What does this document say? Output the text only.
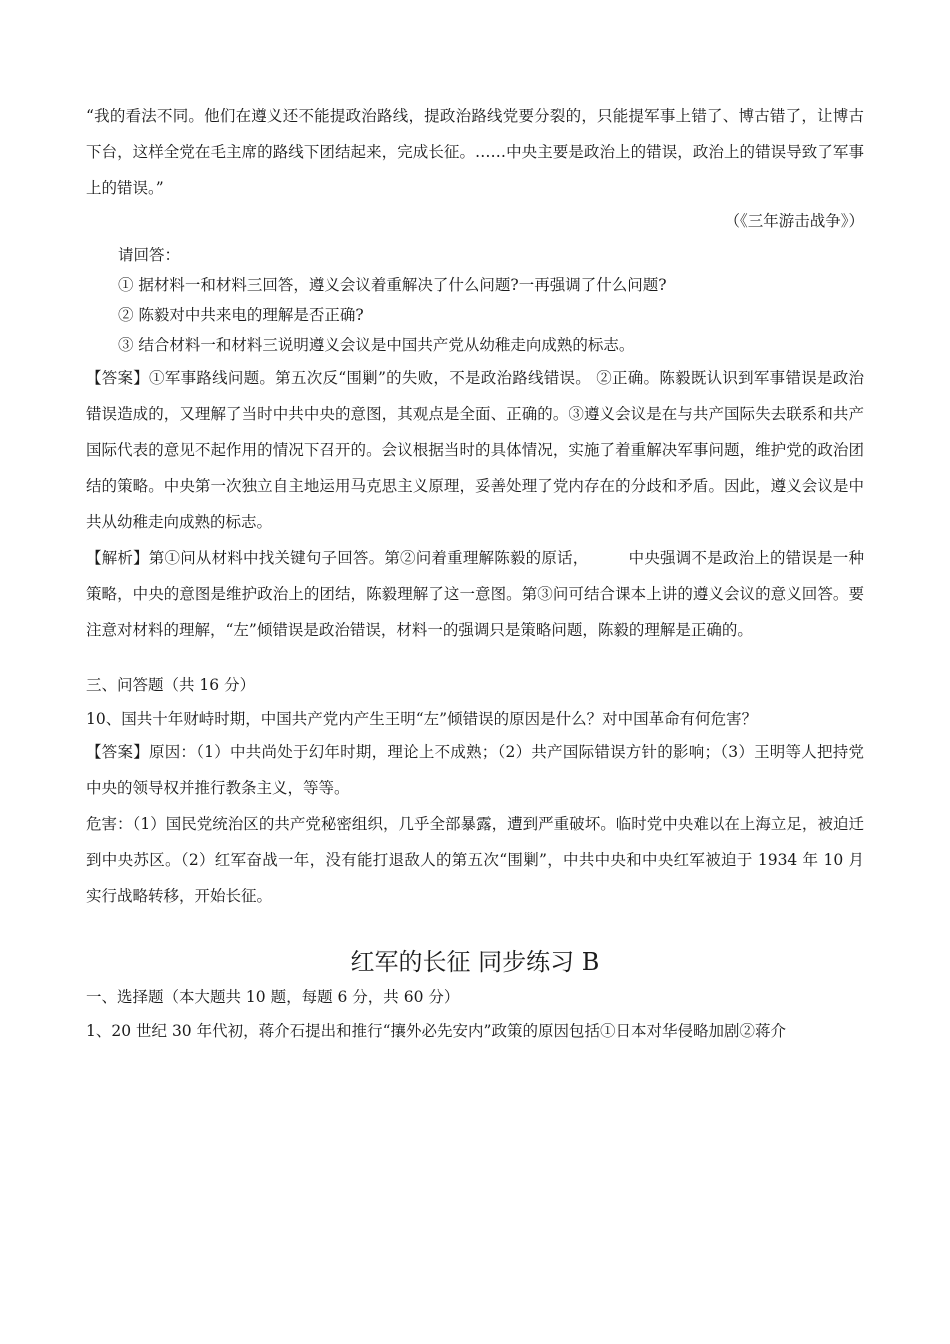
“我的看法不同。他们在遵义还不能提政治路线，提政治路线党要分裂的，只能提军事上错了、博古错了，让博古下台，这样全党在毛主席的路线下团结起来，完成长征。……中央主要是政治上的错误，政治上的错误导致了军事上的错误。”

（《三年游击战争》）

请回答：

① 据材料一和材料三回答，遵义会议着重解决了什么问题?一再强调了什么问题?

② 陈毅对中共来电的理解是否正确?

③ 结合材料一和材料三说明遵义会议是中国共产党从幼稚走向成熟的标志。

【答案】①军事路线问题。第五次反“围剿”的失败，不是政治路线错误。 ②正确。陈毅既认识到军事错误是政治错误造成的，又理解了当时中共中央的意图，其观点是全面、正确的。③遵义会议是在与共产国际失去联系和共产国际代表的意见不起作用的情况下召开的。会议根据当时的具体情况，实施了着重解决军事问题，维护党的政治团结的策略。中央第一次独立自主地运用马克思主义原理，妥善处理了党内存在的分歧和矛盾。因此，遵义会议是中共从幼稚走向成熟的标志。

【解析】第①问从材料中找关键句子回答。第②问着重理解陈毅的原话，	中央强调不是政治上的错误是一种策略，中央的意图是维护政治上的团结，陈毅理解了这一意图。第③问可结合课本上讲的遵义会议的意义回答。要注意对材料的理解，“左”倾错误是政治错误，材料一的强调只是策略问题，陈毅的理解是正确的。

三、问答题（共 16 分）

10、国共十年财峙时期，中国共产党内产生王明“左”倾错误的原因是什么？对中国革命有何危害？

【答案】原因：（1）中共尚处于幻年时期，理论上不成熟；（2）共产国际错误方针的影响；（3）王明等人把持党中央的领导权并推行教条主义，等等。

危害：（1）国民党统治区的共产党秘密组织，几乎全部暴露，遭到严重破坏。临时党中央难以在上海立足，被迫迁到中央苏区。（2）红军奋战一年，没有能打退敌人的第五次“围剿”，中共中央和中央红军被迫于 1934 年 10 月实行战略转移，开始长征。

红军的长征 同步练习 B

一、选择题（本大题共 10 题，每题 6 分，共 60 分）

1、20 世纪 30 年代初，蒋介石提出和推行“攘外必先安内”政策的原因包括①日本对华侵略加剧②蒋介
